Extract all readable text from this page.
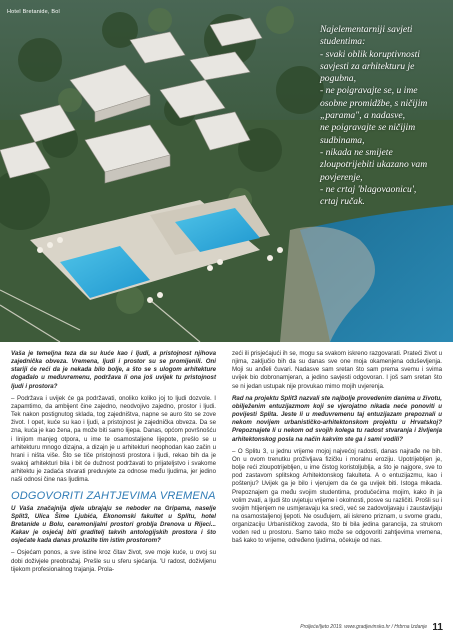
Hotel Bretanide, Bol
Najelementarniji savjeti
studentima:
- svaki oblik koruptivnosti
savjesti za arhitekturu je
pogubna,
- ne poigravajte se, u ime
osobne promidžbe, s ničijim
„parama", a nadasve,
ne poigravajte se ničijim
sudbinama,
- nikada ne smijete
zloupotrijebiti ukazano vam
povjerenje,
- ne crtaj 'blagovaonicu',
crtaj ručak.

Vaša je temeljna teza da su kuće kao i ljudi, a pristojnost njihova zajednička obveza. Vremena, ljudi i prostor su se promijenili. Oni stariji će reći da je nekada bilo bolje, a što se s ulogom arhitekture događalo u međuvremenu, podržava li ona još uvijek tu pristojnost ljudi i prostora?

– Podržava i uvijek će ga podržavati, onoliko koliko joj to ljudi dozvole. I zapamtimo, da ambijent čine zajedno, neodvojivo zajedno, prostor i ljudi. Tek nakon postignutog sklada, tog zajedništva, napne se auro što se zove život. I opet, kuće su kao i ljudi, a pristojnost je zajednička obveza. Da se zna, kuća je kao žena, pa može biti samo lijepa. Danas, općom površnošću i linijom manjeg otpora, u ime te osamostaljene lijepote, prešlo se u arhitekturu mnogo dizajna, a dizajn je u arhitekturi neophodan kao začin u hrani i ništa više. Što se tiče pristojnosti prostora i ljudi, rekao bih da je svakoj arhitekturi bila i bit će dužnost podržavati to prijateljstvo i svakome arhitektu je zadaća stvarati preduvjete za odnose među ljudima, jer jedino naši odnosi čine nas ljudima.

ODGOVORITI ZAHTJEVIMA VREMENA

U Vaša značajnija djela ubrajaju se neboder na Gripama, naselje Split3, Ulica Šime Ljubića, Ekonomski fakultet u Splitu, hotel Bretanide u Bolu, ceremonijalni prostori groblja Drenova u Rijeci... Kakav je osjećaj biti graditelj takvih antologijskih prostora i što osjećate kada danas prolazite tim istim prostorom?

– Osjećam ponos, a sve istine kroz čitav život, sve moje kuće, u ovoj su dobi doživjele preobražaj. Prešle su u sferu sjećanja. 'U radost, doživljenu tijekom profesionalnog trajanja. Prola-

zeći ili prisjećajući ih se, mogu sa svakom iskreno razgovarati. Prateći život u njima, zaključio bih da su danas sve one moja okamenjena oduševljenja. Moji su anđeli čuvari. Nadasve sam sretan što sam prema svemu i svima uvijek bio dobronamjeran, a jedino savjesti odgovoran. I još sam sretan što se ni jedan ustupak nije provukao mimo mojih uvjerenja.

Rad na projektu Split3 nazvali ste najbolje provedenim danima u životu, obilježenim entuzijazmom koji se vjerojatno nikada neće ponoviti u povijesti Splita. Jeste li u međuvremenu taj entuzijazam prepoznali u nekom novijem urbanističko-arhitektonskom projektu u Hrvatskoj? Prepoznajete li u nekom od svojih kolega tu radost stvaranja i življenja arhitektonskog posla na način kakvim ste ga i sami vodili?

– O Splitu 3, u jednu vrijeme mojoj najvećoj radosti, danas najrađe ne bih. On u ovom trenutku proživljava fizičku i moralnu eroziju. Upotrijebljen je, bolje reći zloupotrijebljen, u ime čistog koristoljublja, a što je najgore, sve to pod zastavom splitskog Arhitektonskog fakulteta. A o entuzijazmu, kao i poštenju? Uvijek ga je bilo i vjerujem da će ga uvijek biti. Istoga mikada. Prepoznajem ga među svojim studentima, produčećima mojim, kako ih ja volim zvati, a ljudi što uvjetuju vrijeme i okolnosti, posve su različiti. Prošli su i svojim htijenjem ne usmjeravaju ka sreći, već se zadovoljavaju i zaustavljaju na osamostaljenoj ljepoti. Ne osuđujem, ali iskreno priznam, u svome gradu, organizaciju Urbanističkog zavoda, što bi bila jedina garancija, za strukom voden red u prostoru. Samo tako može se odgovoriti zahtjevima vremena, baš kako to vrijeme, određeno ljudima, očekuje od nas.

Proljeće/ljeto 2019. www.gradjevinsko.hr / Hrbrna Izdanje 11
